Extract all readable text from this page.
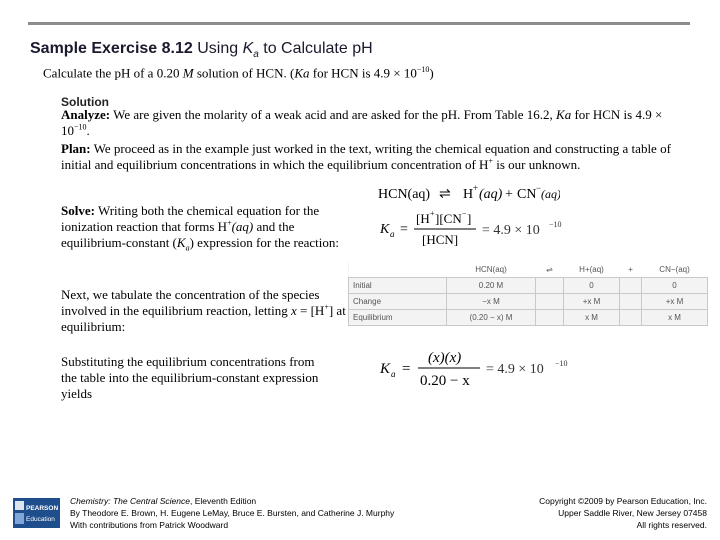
Sample Exercise 8.12 Using $K_a$ to Calculate pH
Calculate the pH of a 0.20 M solution of HCN. (Ka for HCN is $4.9 \times 10^{-10}$)
Solution
Analyze: We are given the molarity of a weak acid and are asked for the pH. From Table 16.2, Ka for HCN is $4.9 \times 10^{-10}$.
Plan: We proceed as in the example just worked in the text, writing the chemical equation and constructing a table of initial and equilibrium concentrations in which the equilibrium concentration of H+ is our unknown.
Solve: Writing both the chemical equation for the ionization reaction that forms H+(aq) and the equilibrium-constant $(K_a)$ expression for the reaction:
Next, we tabulate the concentration of the species involved in the equilibrium reaction, letting x = [H+] at equilibrium:
Substituting the equilibrium concentrations from the table into the equilibrium-constant expression yields
HCN(aq) ⇌ H + (aq) + CN − (aq)
K a =
[H + ][CN − ]
[HCN]
= 4.9 × 10 −10
	HCN(aq)	⇌	H+(aq)	+	CN−(aq)
Initial	0.20 M		0		0
Change	−x M		+x M		+x M
Equilibrium	(0.20 − x) M		x M		x M
K a =
(x)(x)
0.20 − x
= 4.9 × 10 −10
PEARSON
Education
Chemistry: The Central Science, Eleventh Edition
By Theodore E. Brown, H. Eugene LeMay, Bruce E. Bursten, and Catherine J. Murphy
With contributions from Patrick Woodward
Copyright ©2009 by Pearson Education, Inc.
Upper Saddle River, New Jersey 07458
All rights reserved.
